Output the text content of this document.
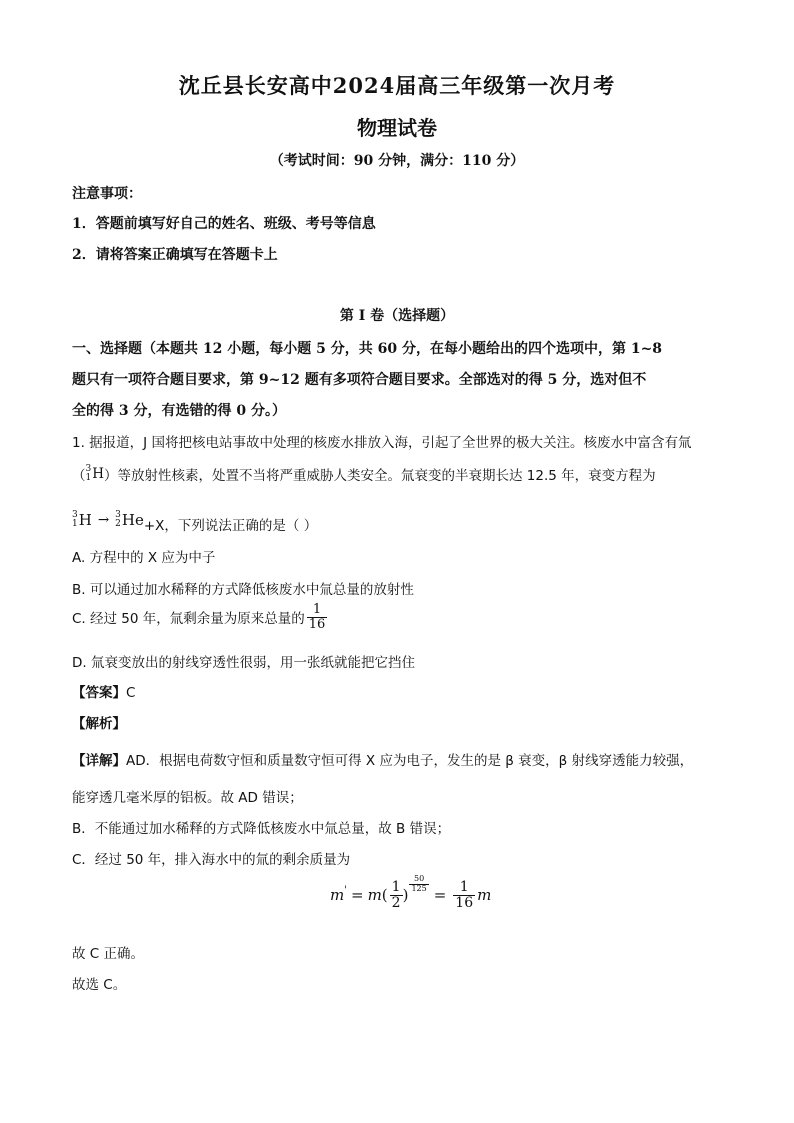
沈丘县长安高中2024届高三年级第一次月考
物理试卷
（考试时间：90 分钟，满分：110 分）
注意事项：
1．答题前填写好自己的姓名、班级、考号等信息
2．请将答案正确填写在答题卡上
第 I 卷（选择题）
一、选择题（本题共 12 小题，每小题 5 分，共 60 分，在每小题给出的四个选项中，第 1~8
题只有一项符合题目要求，第 9~12 题有多项符合题目要求。全部选对的得 5 分，选对但不
全的得 3 分，有选错的得 0 分。）
1. 据报道，J 国将把核电站事故中处理的核废水排放入海，引起了全世界的极大关注。核废水中富含有氚
（ 3
1 H ）等放射性核素，处置不当将严重威胁人类安全。氚衰变的半衰期长达 12.5 年，衰变方程为
3
1 H → 3
2 He +X，下列说法正确的是（ ）
A. 方程中的 X 应为中子
B. 可以通过加水稀释的方式降低核废水中氚总量的放射性
C. 经过 50 年，氚剩余量为原来总量的 $\frac{1}{16}$
D. 氚衰变放出的射线穿透性很弱，用一张纸就能把它挡住
【答案】C
【解析】
【详解】AD．根据电荷数守恒和质量数守恒可得 X 应为电子，发生的是 β 衰变，β 射线穿透能力较强，
能穿透几毫米厚的铝板。故 AD 错误；
B．不能通过加水稀释的方式降低核废水中氚总量，故 B 错误；
C．经过 50 年，排入海水中的氚的剩余质量为
m ' = m ( $\frac{1}{2}$ )
$\frac{50}{125}$
= $\frac{1}{16}$ m
故 C 正确。
故选 C。
